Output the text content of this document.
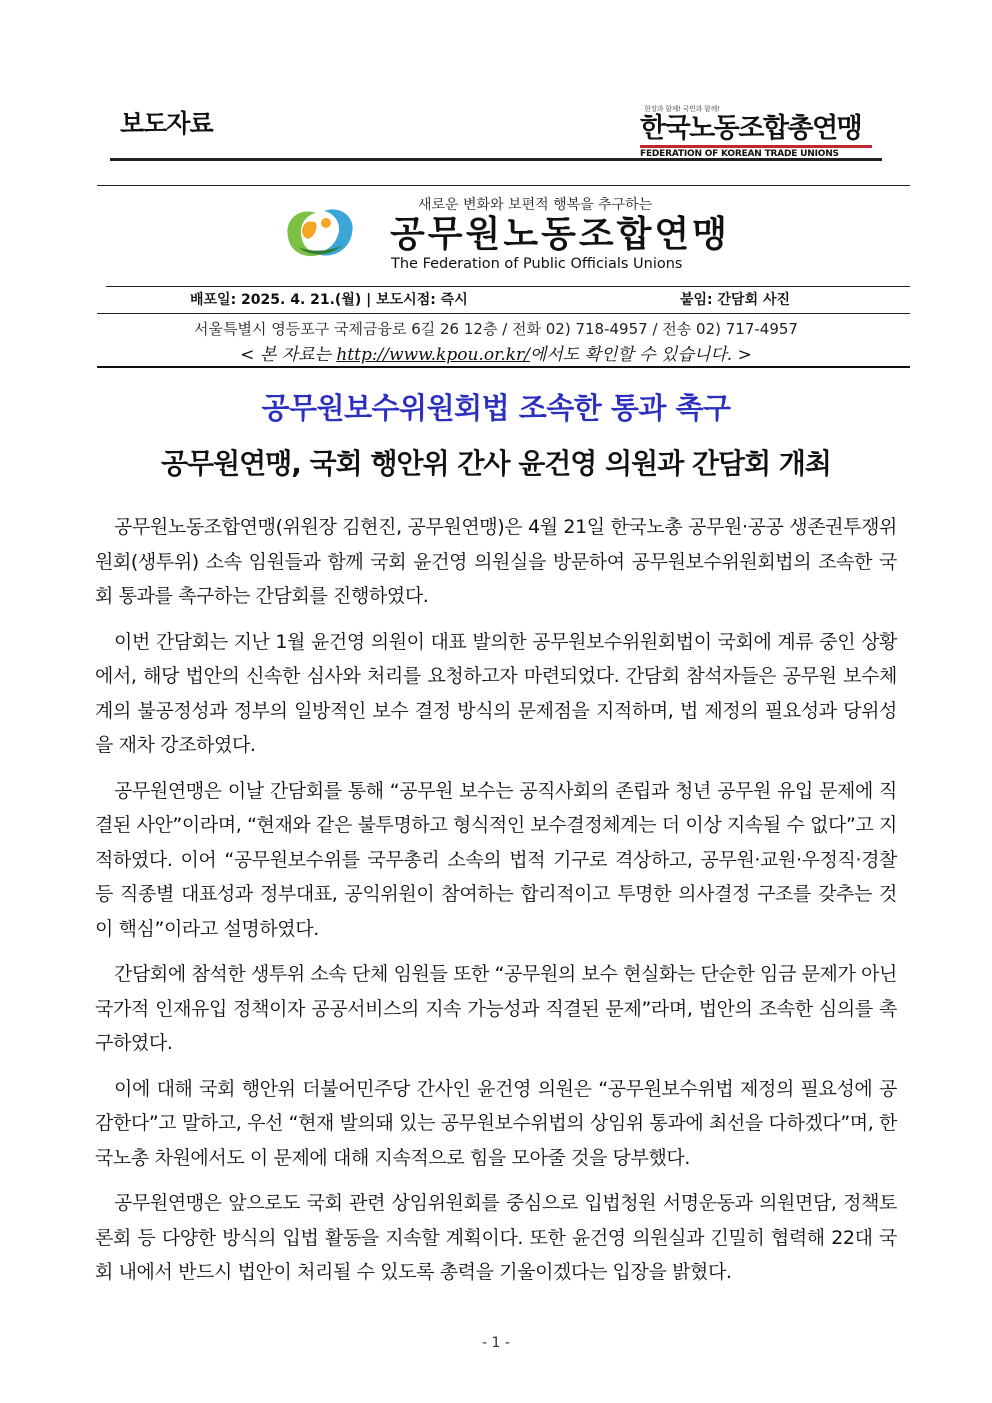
보도자료	현장과 함께! 국민과 함께!
한국노동조합총연맹
FEDERATION OF KOREAN TRADE UNIONS
새로운 변화와 보편적 행복을 추구하는
공무원노동조합연맹
The Federation of Public Officials Unions
배포일: 2025. 4. 21.(월) | 보도시점: 즉시	붙임: 간담회 사진
서울특별시 영등포구 국제금융로 6길 26 12층 / 전화 02) 718-4957 / 전송 02) 717-4957
< 본 자료는 http://www.kpou.or.kr/에서도 확인할 수 있습니다. >
공무원보수위원회법 조속한 통과 촉구
공무원연맹, 국회 행안위 간사 윤건영 의원과 간담회 개최

공무원노동조합연맹(위원장 김현진, 공무원연맹)은 4월 21일 한국노총 공무원·공공 생존권투쟁위원회(생투위) 소속 임원들과 함께 국회 윤건영 의원실을 방문하여 공무원보수위원회법의 조속한 국회 통과를 촉구하는 간담회를 진행하였다.

이번 간담회는 지난 1월 윤건영 의원이 대표 발의한 공무원보수위원회법이 국회에 계류 중인 상황에서, 해당 법안의 신속한 심사와 처리를 요청하고자 마련되었다. 간담회 참석자들은 공무원 보수체계의 불공정성과 정부의 일방적인 보수 결정 방식의 문제점을 지적하며, 법 제정의 필요성과 당위성을 재차 강조하였다.

공무원연맹은 이날 간담회를 통해 “공무원 보수는 공직사회의 존립과 청년 공무원 유입 문제에 직결된 사안”이라며, “현재와 같은 불투명하고 형식적인 보수결정체계는 더 이상 지속될 수 없다”고 지적하였다. 이어 “공무원보수위를 국무총리 소속의 법적 기구로 격상하고, 공무원·교원·우정직·경찰 등 직종별 대표성과 정부대표, 공익위원이 참여하는 합리적이고 투명한 의사결정 구조를 갖추는 것이 핵심”이라고 설명하였다.

간담회에 참석한 생투위 소속 단체 임원들 또한 “공무원의 보수 현실화는 단순한 임금 문제가 아닌 국가적 인재유입 정책이자 공공서비스의 지속 가능성과 직결된 문제”라며, 법안의 조속한 심의를 촉구하였다.

이에 대해 국회 행안위 더불어민주당 간사인 윤건영 의원은 “공무원보수위법 제정의 필요성에 공감한다”고 말하고, 우선 “현재 발의돼 있는 공무원보수위법의 상임위 통과에 최선을 다하겠다”며, 한국노총 차원에서도 이 문제에 대해 지속적으로 힘을 모아줄 것을 당부했다.

공무원연맹은 앞으로도 국회 관련 상임위원회를 중심으로 입법청원 서명운동과 의원면담, 정책토론회 등 다양한 방식의 입법 활동을 지속할 계획이다. 또한 윤건영 의원실과 긴밀히 협력해 22대 국회 내에서 반드시 법안이 처리될 수 있도록 총력을 기울이겠다는 입장을 밝혔다.

- 1 -
